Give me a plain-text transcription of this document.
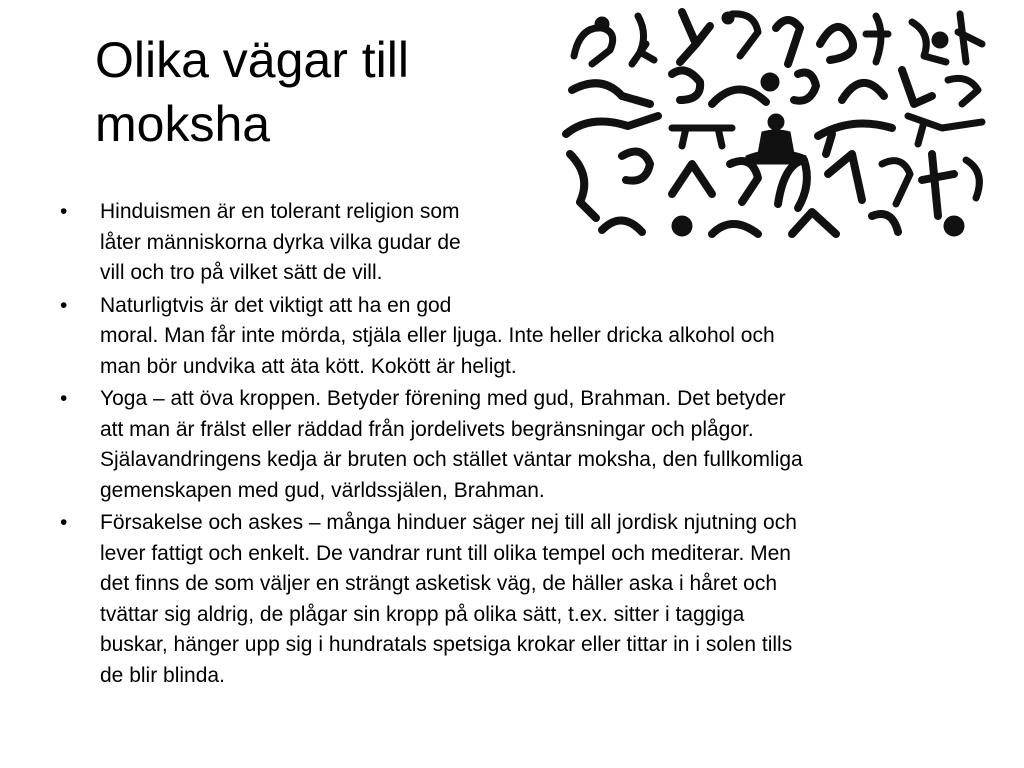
Olika vägar till
moksha
• Hinduismen är en tolerant religion som
låter människorna dyrka vilka gudar de
vill och tro på vilket sätt de vill.
• Naturligtvis är det viktigt att ha en god
moral. Man får inte mörda, stjäla eller ljuga. Inte heller dricka alkohol och
man bör undvika att äta kött. Kokött är heligt.
• Yoga – att öva kroppen. Betyder förening med gud, Brahman. Det betyder
att man är frälst eller räddad från jordelivets begränsningar och plågor.
Själavandringens kedja är bruten och stället väntar moksha, den fullkomliga
gemenskapen med gud, världssjälen, Brahman.
• Försakelse och askes – många hinduer säger nej till all jordisk njutning och
lever fattigt och enkelt. De vandrar runt till olika tempel och mediterar. Men
det finns de som väljer en strängt asketisk väg, de häller aska i håret och
tvättar sig aldrig, de plågar sin kropp på olika sätt, t.ex. sitter i taggiga
buskar, hänger upp sig i hundratals spetsiga krokar eller tittar in i solen tills
de blir blinda.
